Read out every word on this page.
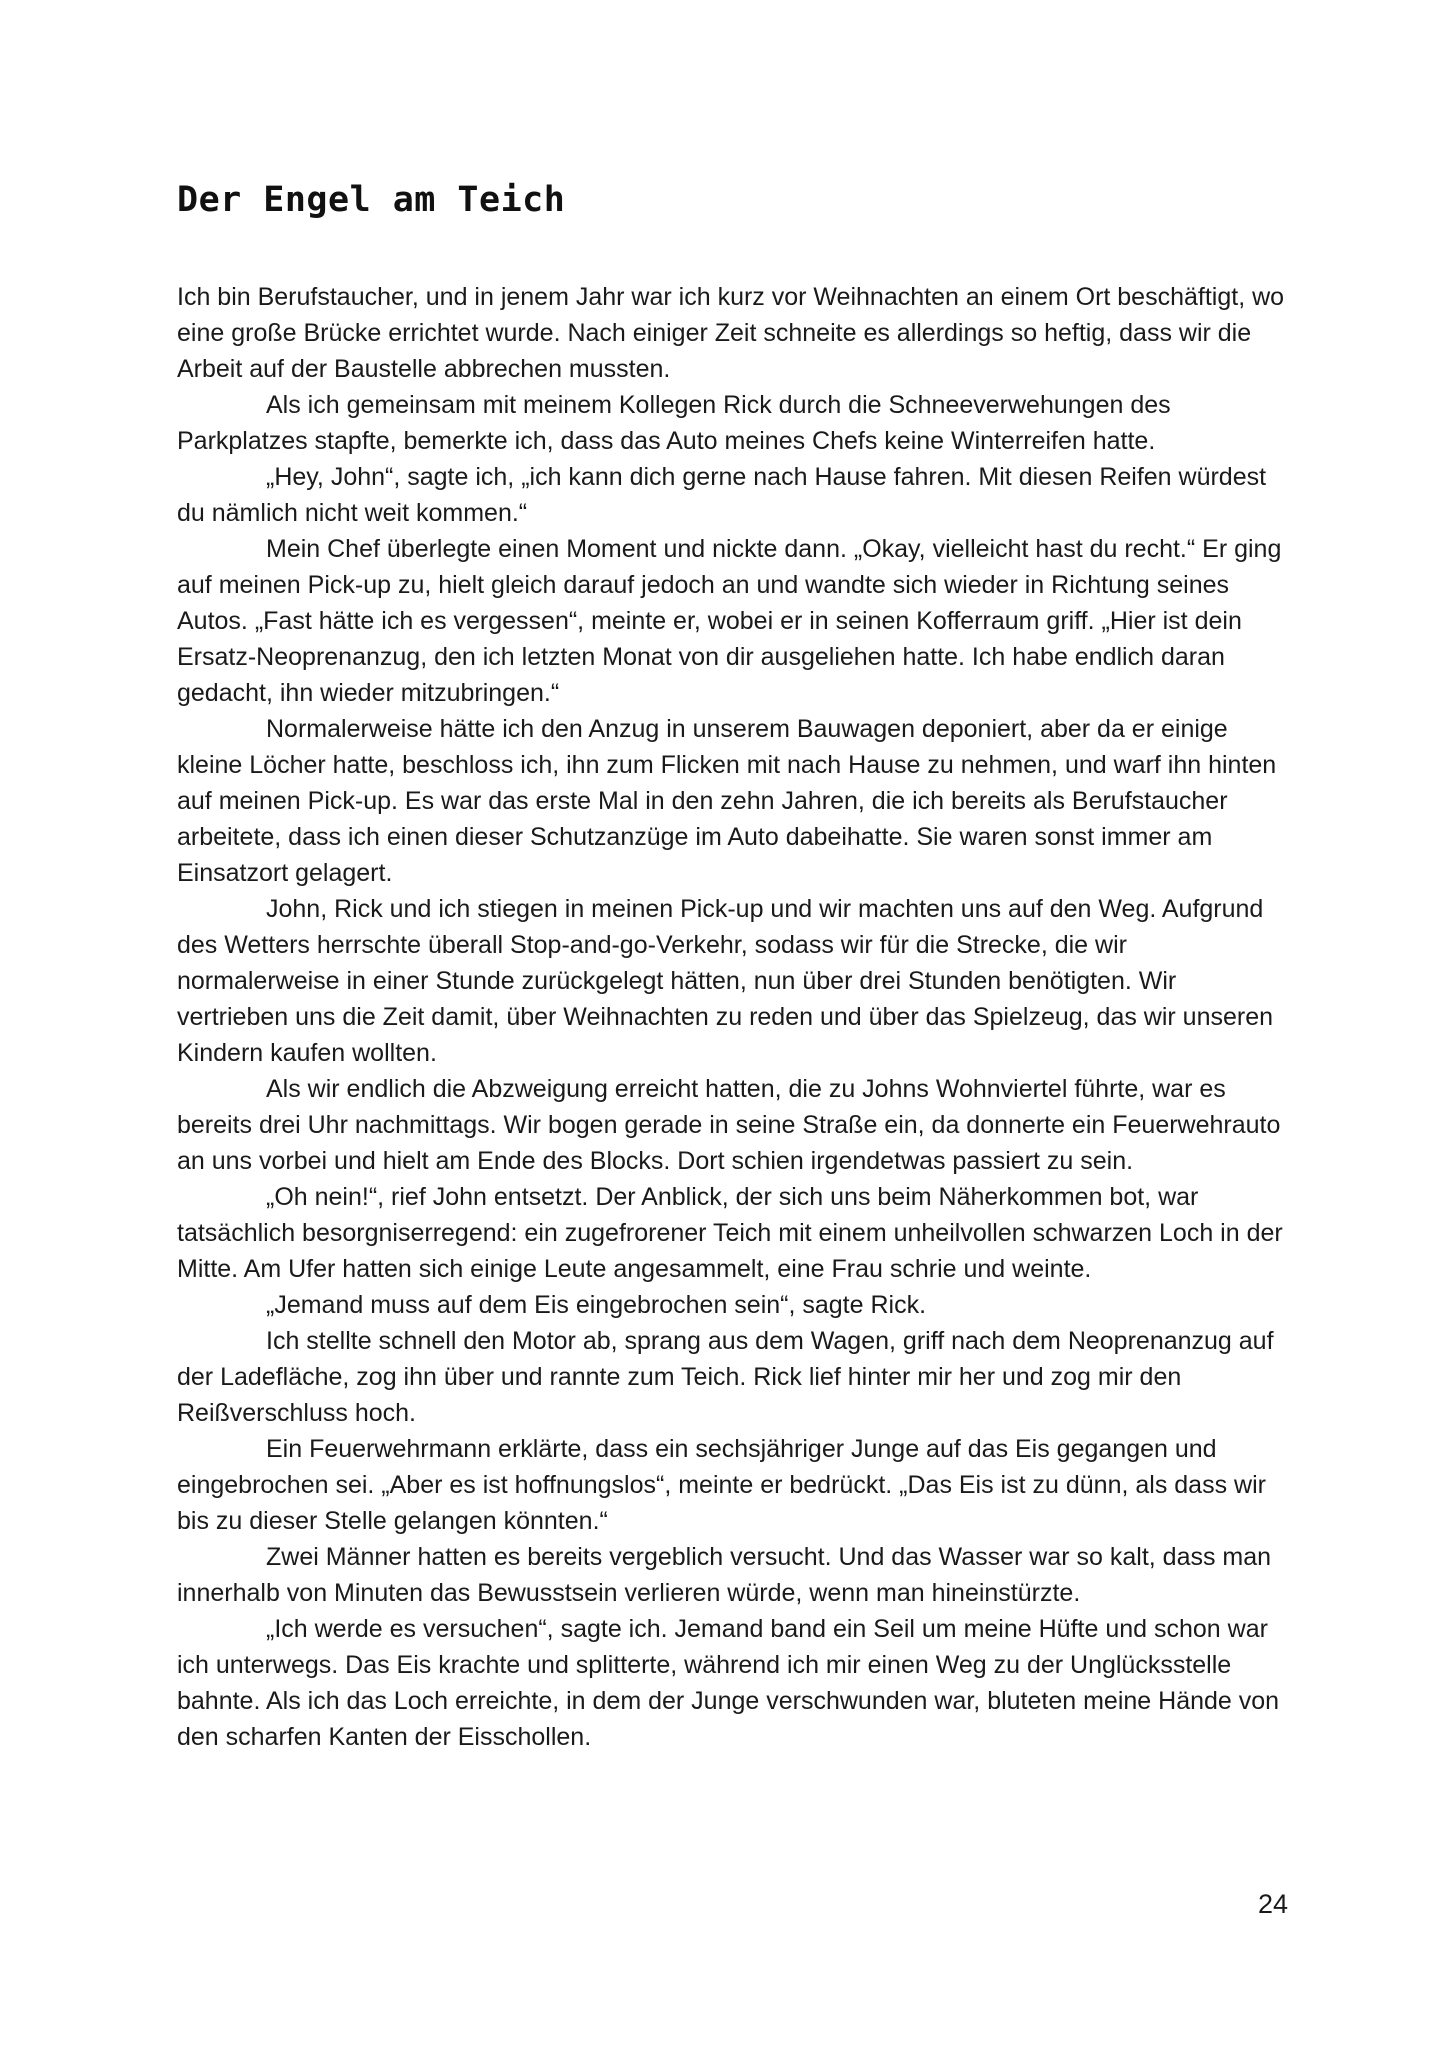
Der Engel am Teich

Ich bin Berufstaucher, und in jenem Jahr war ich kurz vor Weihnachten an einem Ort beschäftigt, wo eine große Brücke errichtet wurde. Nach einiger Zeit schneite es allerdings so heftig, dass wir die Arbeit auf der Baustelle abbrechen mussten.

Als ich gemeinsam mit meinem Kollegen Rick durch die Schneeverwehungen des Parkplatzes stapfte, bemerkte ich, dass das Auto meines Chefs keine Winterreifen hatte.

„Hey, John“, sagte ich, „ich kann dich gerne nach Hause fahren. Mit diesen Reifen würdest du nämlich nicht weit kommen.“

Mein Chef überlegte einen Moment und nickte dann. „Okay, vielleicht hast du recht.“ Er ging auf meinen Pick-up zu, hielt gleich darauf jedoch an und wandte sich wieder in Richtung seines Autos. „Fast hätte ich es vergessen“, meinte er, wobei er in seinen Kofferraum griff. „Hier ist dein Ersatz-Neoprenanzug, den ich letzten Monat von dir ausgeliehen hatte. Ich habe endlich daran gedacht, ihn wieder mitzubringen.“

Normalerweise hätte ich den Anzug in unserem Bauwagen deponiert, aber da er einige kleine Löcher hatte, beschloss ich, ihn zum Flicken mit nach Hause zu nehmen, und warf ihn hinten auf meinen Pick-up. Es war das erste Mal in den zehn Jahren, die ich bereits als Berufstaucher arbeitete, dass ich einen dieser Schutzanzüge im Auto dabeihatte. Sie waren sonst immer am Einsatzort gelagert.

John, Rick und ich stiegen in meinen Pick-up und wir machten uns auf den Weg. Aufgrund des Wetters herrschte überall Stop-and-go-Verkehr, sodass wir für die Strecke, die wir normalerweise in einer Stunde zurückgelegt hätten, nun über drei Stunden benötigten. Wir vertrieben uns die Zeit damit, über Weihnachten zu reden und über das Spielzeug, das wir unseren Kindern kaufen wollten.

Als wir endlich die Abzweigung erreicht hatten, die zu Johns Wohnviertel führte, war es bereits drei Uhr nachmittags. Wir bogen gerade in seine Straße ein, da donnerte ein Feuerwehrauto an uns vorbei und hielt am Ende des Blocks. Dort schien irgendetwas passiert zu sein.

„Oh nein!“, rief John entsetzt. Der Anblick, der sich uns beim Näherkommen bot, war tatsächlich besorgniserregend: ein zugefrorener Teich mit einem unheilvollen schwarzen Loch in der Mitte. Am Ufer hatten sich einige Leute angesammelt, eine Frau schrie und weinte.

„Jemand muss auf dem Eis eingebrochen sein“, sagte Rick.

Ich stellte schnell den Motor ab, sprang aus dem Wagen, griff nach dem Neoprenanzug auf der Ladefläche, zog ihn über und rannte zum Teich. Rick lief hinter mir her und zog mir den Reißverschluss hoch.

Ein Feuerwehrmann erklärte, dass ein sechsjähriger Junge auf das Eis gegangen und eingebrochen sei. „Aber es ist hoffnungslos“, meinte er bedrückt. „Das Eis ist zu dünn, als dass wir bis zu dieser Stelle gelangen könnten.“

Zwei Männer hatten es bereits vergeblich versucht. Und das Wasser war so kalt, dass man innerhalb von Minuten das Bewusstsein verlieren würde, wenn man hineinstürzte.

„Ich werde es versuchen“, sagte ich. Jemand band ein Seil um meine Hüfte und schon war ich unterwegs. Das Eis krachte und splitterte, während ich mir einen Weg zu der Unglücksstelle bahnte. Als ich das Loch erreichte, in dem der Junge verschwunden war, bluteten meine Hände von den scharfen Kanten der Eisschollen.

24
